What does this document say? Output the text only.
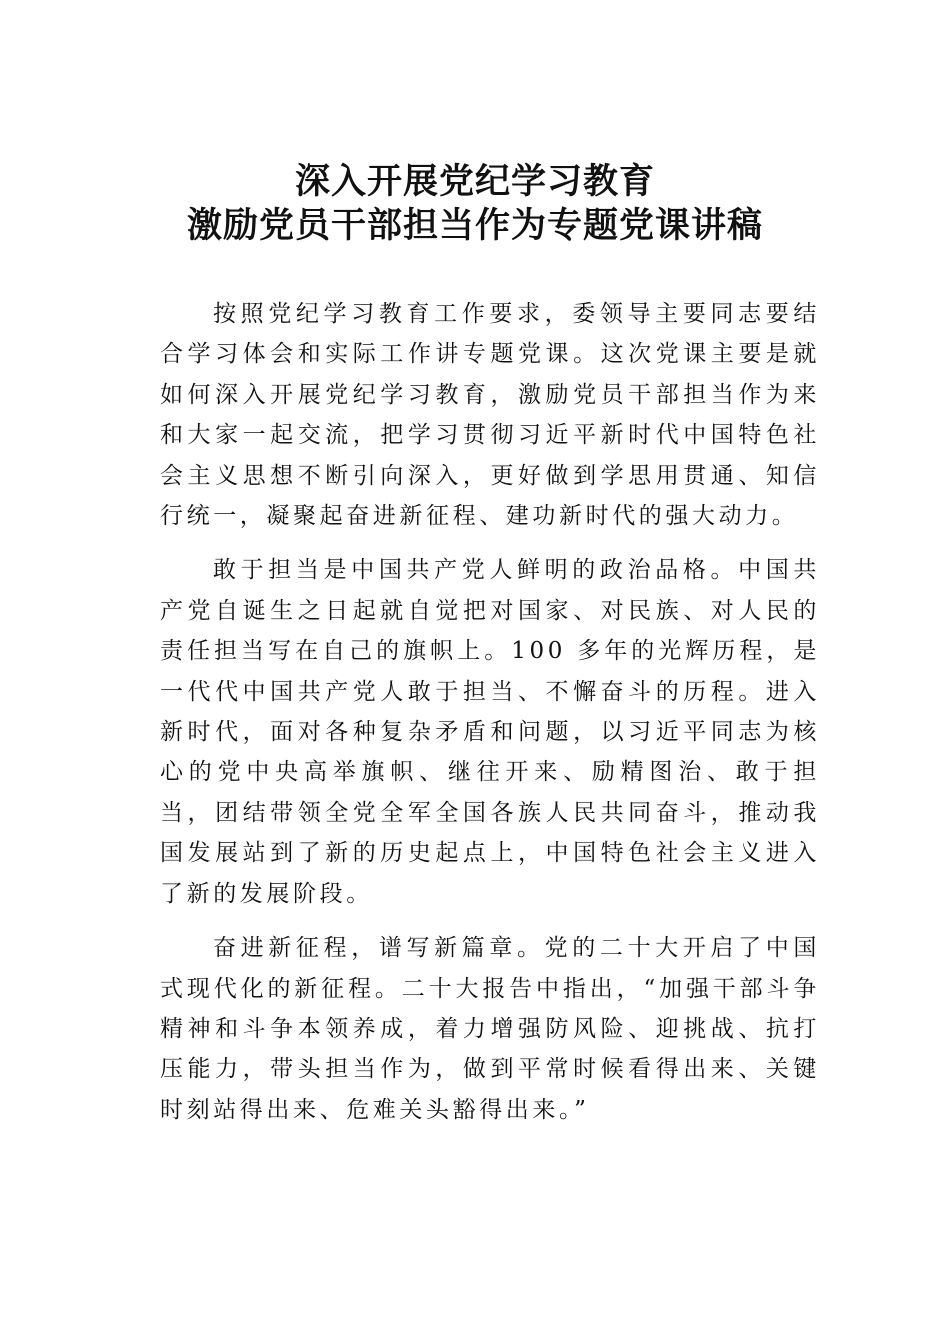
深入开展党纪学习教育

激励党员干部担当作为专题党课讲稿

按照党纪学习教育工作要求，委领导主要同志要结合学习体会和实际工作讲专题党课。这次党课主要是就如何深入开展党纪学习教育，激励党员干部担当作为来和大家一起交流，把学习贯彻习近平新时代中国特色社会主义思想不断引向深入，更好做到学思用贯通、知信行统一，凝聚起奋进新征程、建功新时代的强大动力。

敢于担当是中国共产党人鲜明的政治品格。中国共产党自诞生之日起就自觉把对国家、对民族、对人民的责任担当写在自己的旗帜上。100 多年的光辉历程，是一代代中国共产党人敢于担当、不懈奋斗的历程。进入新时代，面对各种复杂矛盾和问题，以习近平同志为核心的党中央高举旗帜、继往开来、励精图治、敢于担当，团结带领全党全军全国各族人民共同奋斗，推动我国发展站到了新的历史起点上，中国特色社会主义进入了新的发展阶段。

奋进新征程，谱写新篇章。党的二十大开启了中国式现代化的新征程。二十大报告中指出，“加强干部斗争精神和斗争本领养成，着力增强防风险、迎挑战、抗打压能力，带头担当作为，做到平常时候看得出来、关键时刻站得出来、危难关头豁得出来。”
